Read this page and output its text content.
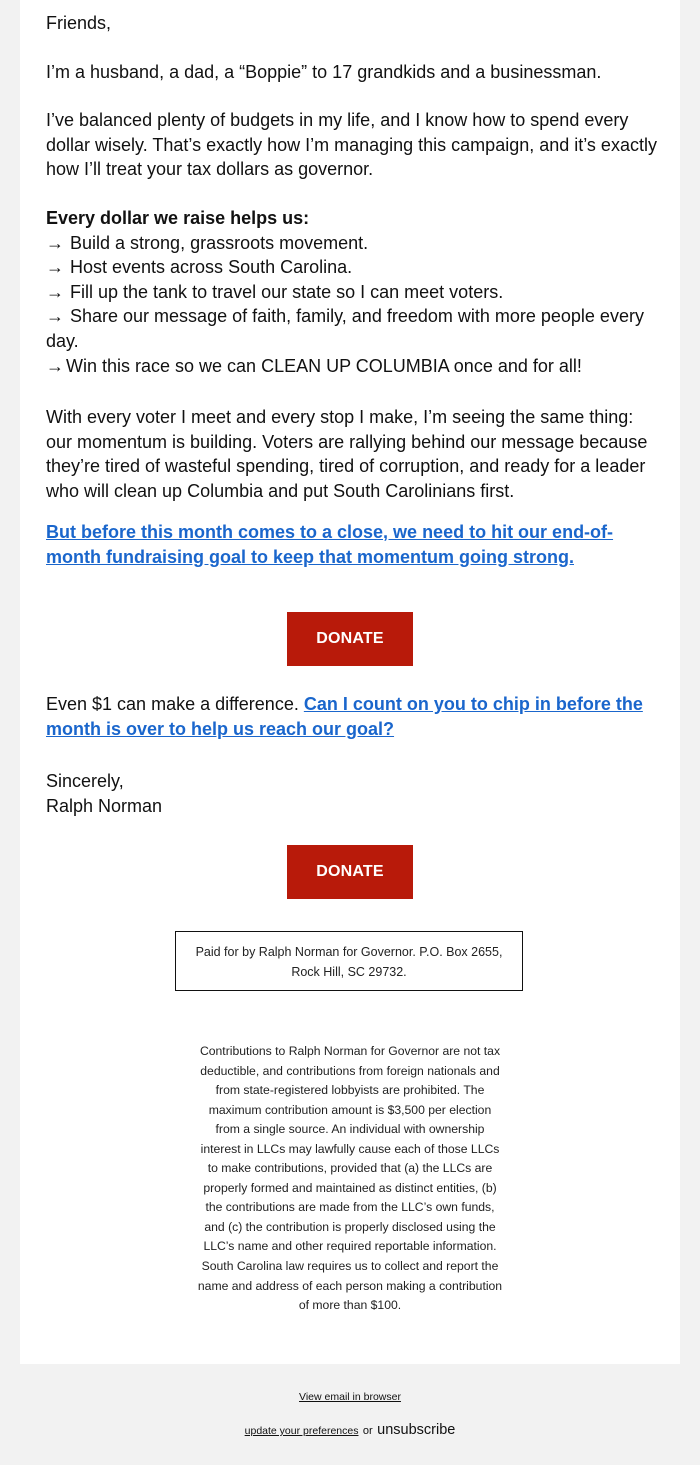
Friends,

I’m a husband, a dad, a “Boppie” to 17 grandkids and a businessman.

I’ve balanced plenty of budgets in my life, and I know how to spend every dollar wisely. That’s exactly how I’m managing this campaign, and it’s exactly how I’ll treat your tax dollars as governor.

Every dollar we raise helps us:
→ Build a strong, grassroots movement.
→ Host events across South Carolina.
→ Fill up the tank to travel our state so I can meet voters.
→ Share our message of faith, family, and freedom with more people every day.
→ Win this race so we can CLEAN UP COLUMBIA once and for all!

With every voter I meet and every stop I make, I’m seeing the same thing: our momentum is building. Voters are rallying behind our message because they’re tired of wasteful spending, tired of corruption, and ready for a leader who will clean up Columbia and put South Carolinians first.

But before this month comes to a close, we need to hit our end-of-month fundraising goal to keep that momentum going strong.
DONATE
Even $1 can make a difference. Can I count on you to chip in before the month is over to help us reach our goal?
Sincerely,
Ralph Norman
DONATE
Paid for by Ralph Norman for Governor. P.O. Box 2655, Rock Hill, SC 29732.
Contributions to Ralph Norman for Governor are not tax deductible, and contributions from foreign nationals and from state-registered lobbyists are prohibited. The maximum contribution amount is $3,500 per election from a single source. An individual with ownership interest in LLCs may lawfully cause each of those LLCs to make contributions, provided that (a) the LLCs are properly formed and maintained as distinct entities, (b) the contributions are made from the LLC’s own funds, and (c) the contribution is properly disclosed using the LLC’s name and other required reportable information. South Carolina law requires us to collect and report the name and address of each person making a contribution of more than $100.
View email in browser
update your preferences or unsubscribe
